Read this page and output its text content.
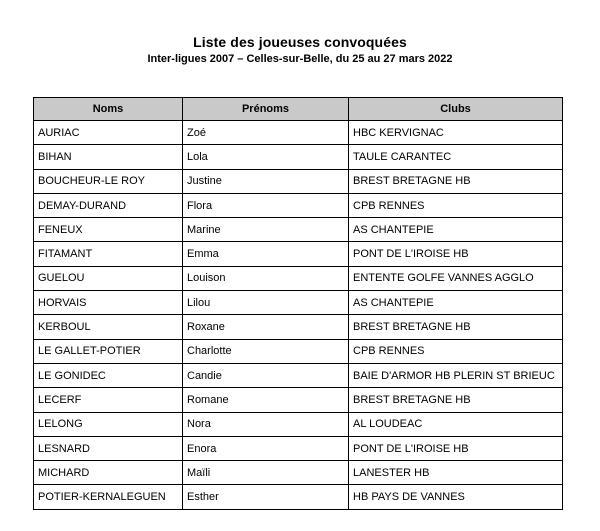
Liste des joueuses convoquées
Inter-ligues 2007 – Celles-sur-Belle, du 25 au 27 mars 2022
Noms	Prénoms	Clubs
AURIAC	Zoé	HBC KERVIGNAC
BIHAN	Lola	TAULE CARANTEC
BOUCHEUR-LE ROY	Justine	BREST BRETAGNE HB
DEMAY-DURAND	Flora	CPB RENNES
FENEUX	Marine	AS CHANTEPIE
FITAMANT	Emma	PONT DE L'IROISE HB
GUELOU	Louison	ENTENTE GOLFE VANNES AGGLO
HORVAIS	Lilou	AS CHANTEPIE
KERBOUL	Roxane	BREST BRETAGNE HB
LE GALLET-POTIER	Charlotte	CPB RENNES
LE GONIDEC	Candie	BAIE D'ARMOR HB PLERIN ST BRIEUC
LECERF	Romane	BREST BRETAGNE HB
LELONG	Nora	AL LOUDEAC
LESNARD	Enora	PONT DE L'IROISE HB
MICHARD	Maïli	LANESTER HB
POTIER-KERNALEGUEN	Esther	HB PAYS DE VANNES
